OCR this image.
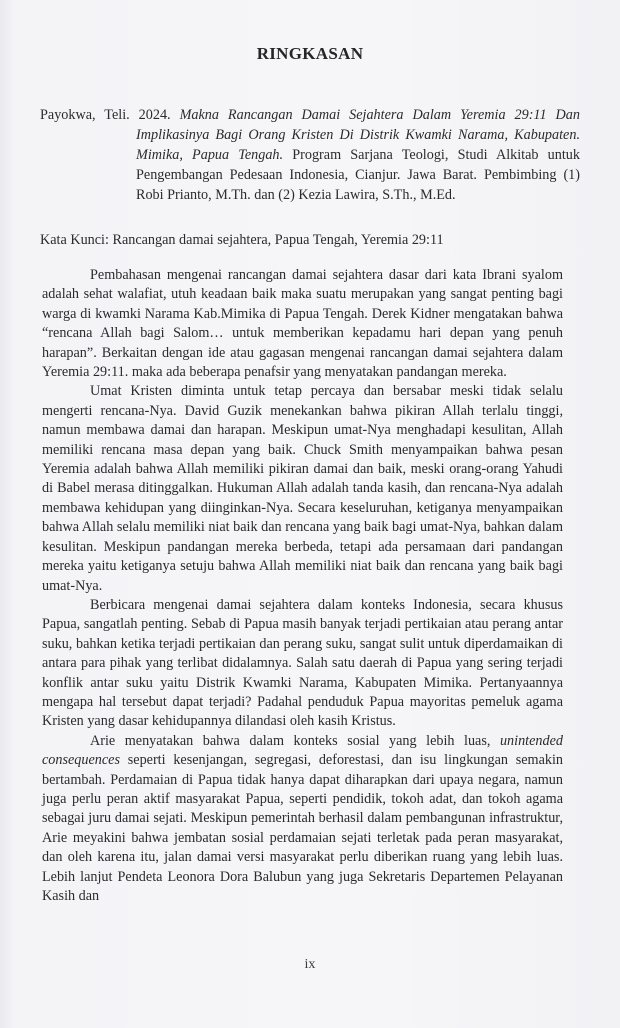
RINGKASAN
Payokwa, Teli. 2024. Makna Rancangan Damai Sejahtera Dalam Yeremia 29:11 Dan Implikasinya Bagi Orang Kristen Di Distrik Kwamki Narama, Kabupaten. Mimika, Papua Tengah. Program Sarjana Teologi, Studi Alkitab untuk Pengembangan Pedesaan Indonesia, Cianjur. Jawa Barat. Pembimbing (1) Robi Prianto, M.Th. dan (2) Kezia Lawira, S.Th., M.Ed.
Kata Kunci: Rancangan damai sejahtera, Papua Tengah, Yeremia 29:11

Pembahasan mengenai rancangan damai sejahtera dasar dari kata Ibrani syalom adalah sehat walafiat, utuh keadaan baik maka suatu merupakan yang sangat penting bagi warga di kwamki Narama Kab.Mimika di Papua Tengah. Derek Kidner mengatakan bahwa “rencana Allah bagi Salom… untuk memberikan kepadamu hari depan yang penuh harapan”. Berkaitan dengan ide atau gagasan mengenai rancangan damai sejahtera dalam Yeremia 29:11. maka ada beberapa penafsir yang menyatakan pandangan mereka.

Umat Kristen diminta untuk tetap percaya dan bersabar meski tidak selalu mengerti rencana-Nya. David Guzik menekankan bahwa pikiran Allah terlalu tinggi, namun membawa damai dan harapan. Meskipun umat-Nya menghadapi kesulitan, Allah memiliki rencana masa depan yang baik. Chuck Smith menyampaikan bahwa pesan Yeremia adalah bahwa Allah memiliki pikiran damai dan baik, meski orang-orang Yahudi di Babel merasa ditinggalkan. Hukuman Allah adalah tanda kasih, dan rencana-Nya adalah membawa kehidupan yang diinginkan-Nya. Secara keseluruhan, ketiganya menyampaikan bahwa Allah selalu memiliki niat baik dan rencana yang baik bagi umat-Nya, bahkan dalam kesulitan. Meskipun pandangan mereka berbeda, tetapi ada persamaan dari pandangan mereka yaitu ketiganya setuju bahwa Allah memiliki niat baik dan rencana yang baik bagi umat-Nya.

Berbicara mengenai damai sejahtera dalam konteks Indonesia, secara khusus Papua, sangatlah penting. Sebab di Papua masih banyak terjadi pertikaian atau perang antar suku, bahkan ketika terjadi pertikaian dan perang suku, sangat sulit untuk diperdamaikan di antara para pihak yang terlibat didalamnya. Salah satu daerah di Papua yang sering terjadi konflik antar suku yaitu Distrik Kwamki Narama, Kabupaten Mimika. Pertanyaannya mengapa hal tersebut dapat terjadi? Padahal penduduk Papua mayoritas pemeluk agama Kristen yang dasar kehidupannya dilandasi oleh kasih Kristus.

Arie menyatakan bahwa dalam konteks sosial yang lebih luas, unintended consequences seperti kesenjangan, segregasi, deforestasi, dan isu lingkungan semakin bertambah. Perdamaian di Papua tidak hanya dapat diharapkan dari upaya negara, namun juga perlu peran aktif masyarakat Papua, seperti pendidik, tokoh adat, dan tokoh agama sebagai juru damai sejati. Meskipun pemerintah berhasil dalam pembangunan infrastruktur, Arie meyakini bahwa jembatan sosial perdamaian sejati terletak pada peran masyarakat, dan oleh karena itu, jalan damai versi masyarakat perlu diberikan ruang yang lebih luas. Lebih lanjut Pendeta Leonora Dora Balubun yang juga Sekretaris Departemen Pelayanan Kasih dan

ix
